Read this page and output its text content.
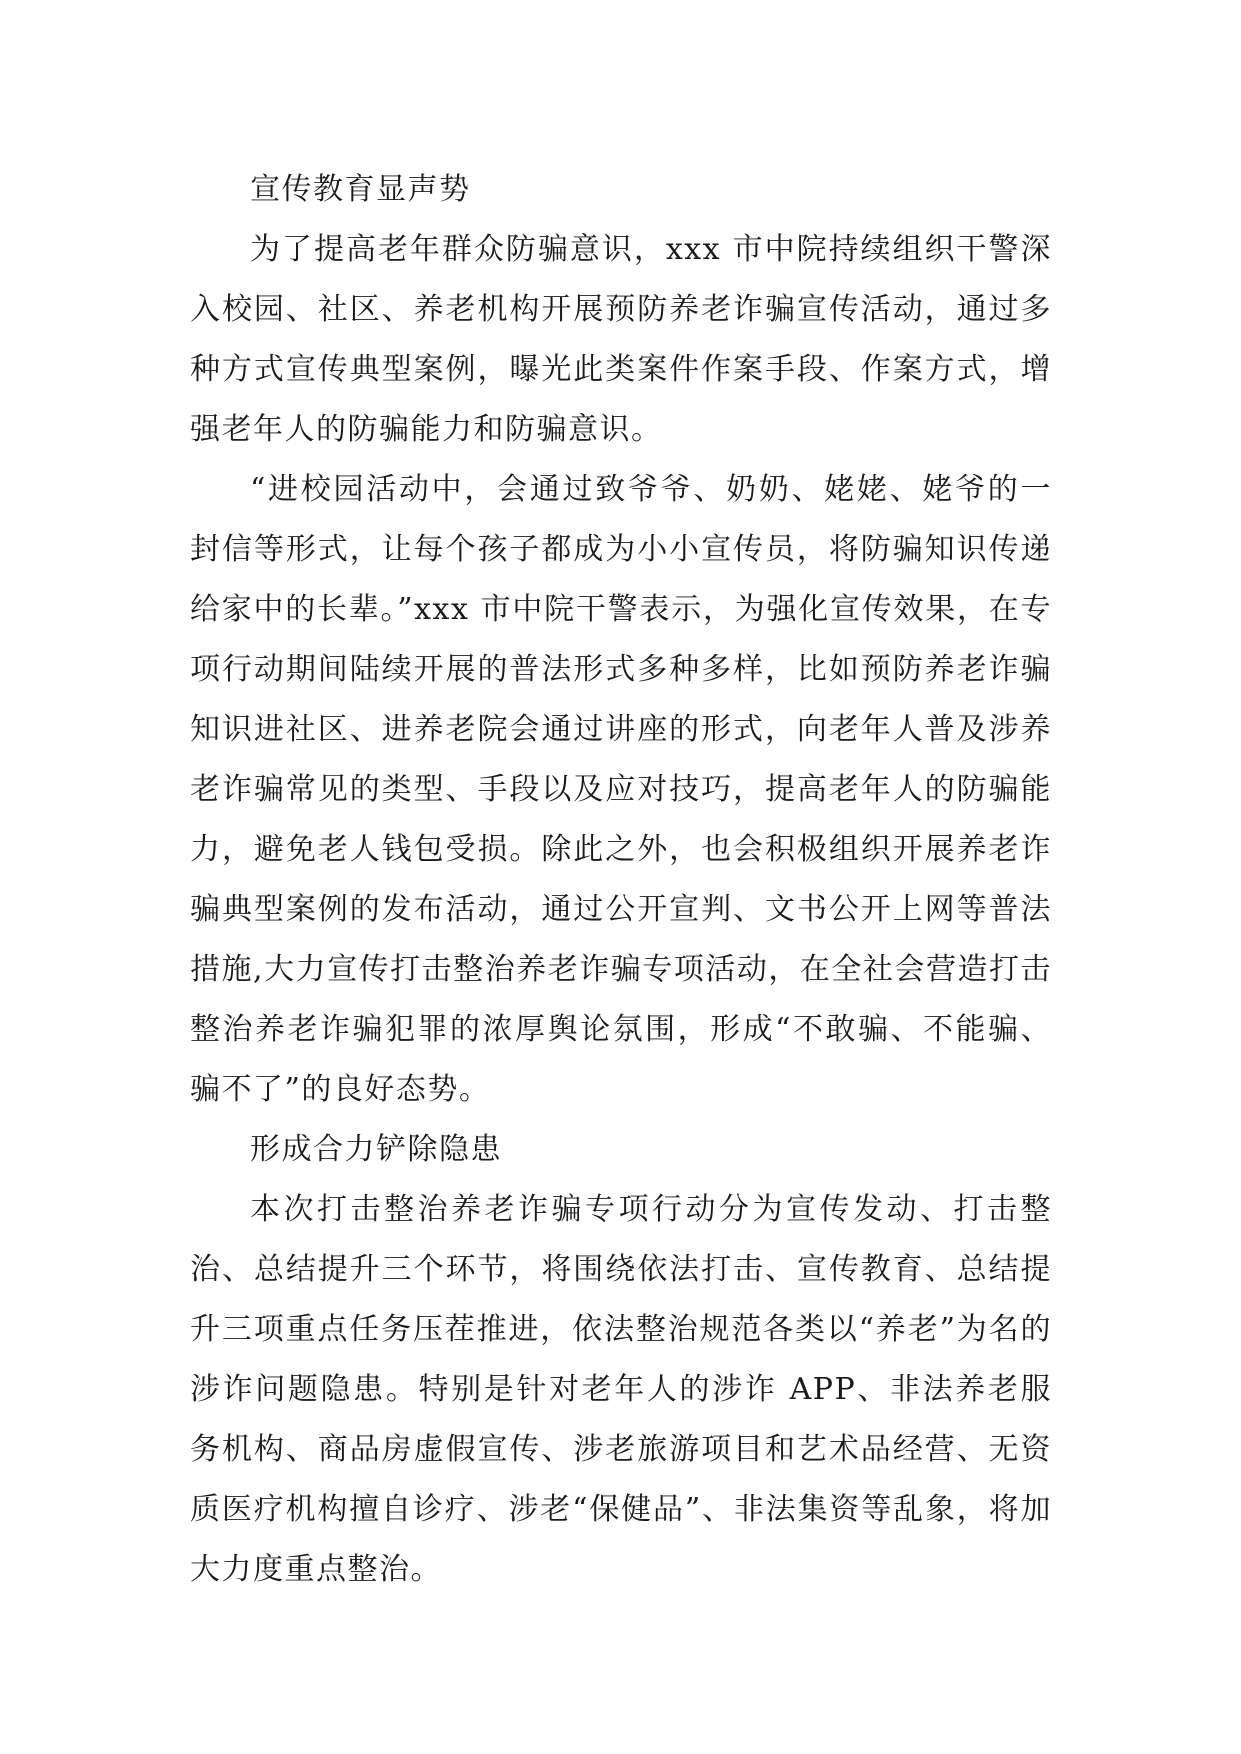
宣传教育显声势

为了提高老年群众防骗意识，xxx 市中院持续组织干警深入校园、社区、养老机构开展预防养老诈骗宣传活动，通过多种方式宣传典型案例，曝光此类案件作案手段、作案方式，增强老年人的防骗能力和防骗意识。

“进校园活动中，会通过致爷爷、奶奶、姥姥、姥爷的一封信等形式，让每个孩子都成为小小宣传员，将防骗知识传递给家中的长辈。”xxx 市中院干警表示，为强化宣传效果，在专项行动期间陆续开展的普法形式多种多样，比如预防养老诈骗知识进社区、进养老院会通过讲座的形式，向老年人普及涉养老诈骗常见的类型、手段以及应对技巧，提高老年人的防骗能力，避免老人钱包受损。除此之外，也会积极组织开展养老诈骗典型案例的发布活动，通过公开宣判、文书公开上网等普法措施,大力宣传打击整治养老诈骗专项活动，在全社会营造打击整治养老诈骗犯罪的浓厚舆论氛围，形成“不敢骗、不能骗、骗不了”的良好态势。

形成合力铲除隐患

本次打击整治养老诈骗专项行动分为宣传发动、打击整治、总结提升三个环节，将围绕依法打击、宣传教育、总结提升三项重点任务压茬推进，依法整治规范各类以“养老”为名的涉诈问题隐患。特别是针对老年人的涉诈 APP、非法养老服务机构、商品房虚假宣传、涉老旅游项目和艺术品经营、无资质医疗机构擅自诊疗、涉老“保健品”、非法集资等乱象，将加大力度重点整治。
